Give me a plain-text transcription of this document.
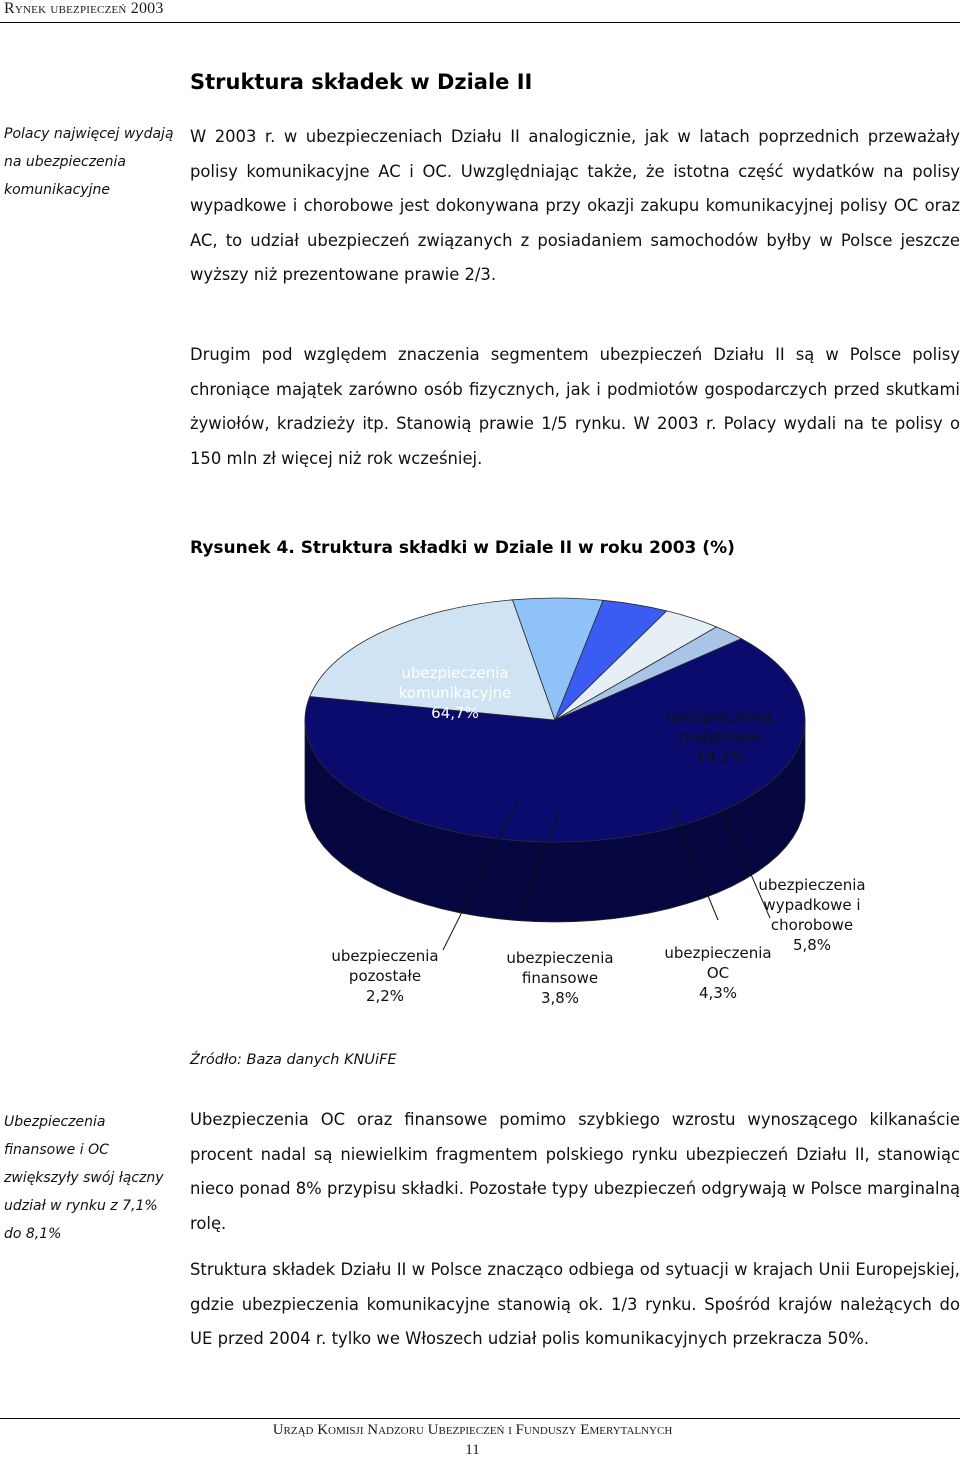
Rynek ubezpieczeń 2003
Struktura składek w Dziale II
Polacy najwięcej wydają na ubezpieczenia komunikacyjne

W 2003 r. w ubezpieczeniach Działu II analogicznie, jak w latach poprzednich przeważały polisy komunikacyjne AC i OC. Uwzględniając także, że istotna część wydatków na polisy wypadkowe i chorobowe jest dokonywana przy okazji zakupu komunikacyjnej polisy OC oraz AC, to udział ubezpieczeń związanych z posiadaniem samochodów byłby w Polsce jeszcze wyższy niż prezentowane prawie 2/3.

Drugim pod względem znaczenia segmentem ubezpieczeń Działu II są w Polsce polisy chroniące majątek zarówno osób fizycznych, jak i podmiotów gospodarczych przed skutkami żywiołów, kradzieży itp. Stanowią prawie 1/5 rynku. W 2003 r. Polacy wydali na te polisy o 150 mln zł więcej niż rok wcześniej.

Rysunek 4. Struktura składki w Dziale II w roku 2003 (%)
ubezpieczenia komunikacyjne 64,7%	ubezpieczenia majątkowe 19,2%
ubezpieczenia wypadkowe i chorobowe 5,8%
ubezpieczenia OC 4,3%
ubezpieczenia finansowe 3,8%
ubezpieczenia pozostałe 2,2%
Źródło: Baza danych KNUiFE
Ubezpieczenia finansowe i OC zwiększyły swój łączny udział w rynku z 7,1% do 8,1%

Ubezpieczenia OC oraz finansowe pomimo szybkiego wzrostu wynoszącego kilkanaście procent nadal są niewielkim fragmentem polskiego rynku ubezpieczeń Działu II, stanowiąc nieco ponad 8% przypisu składki. Pozostałe typy ubezpieczeń odgrywają w Polsce marginalną rolę.

Struktura składek Działu II w Polsce znacząco odbiega od sytuacji w krajach Unii Europejskiej, gdzie ubezpieczenia komunikacyjne stanowią ok. 1/3 rynku. Spośród krajów należących do UE przed 2004 r. tylko we Włoszech udział polis komunikacyjnych przekracza 50%.

Urząd Komisji Nadzoru Ubezpieczeń i Funduszy Emerytalnych
11
